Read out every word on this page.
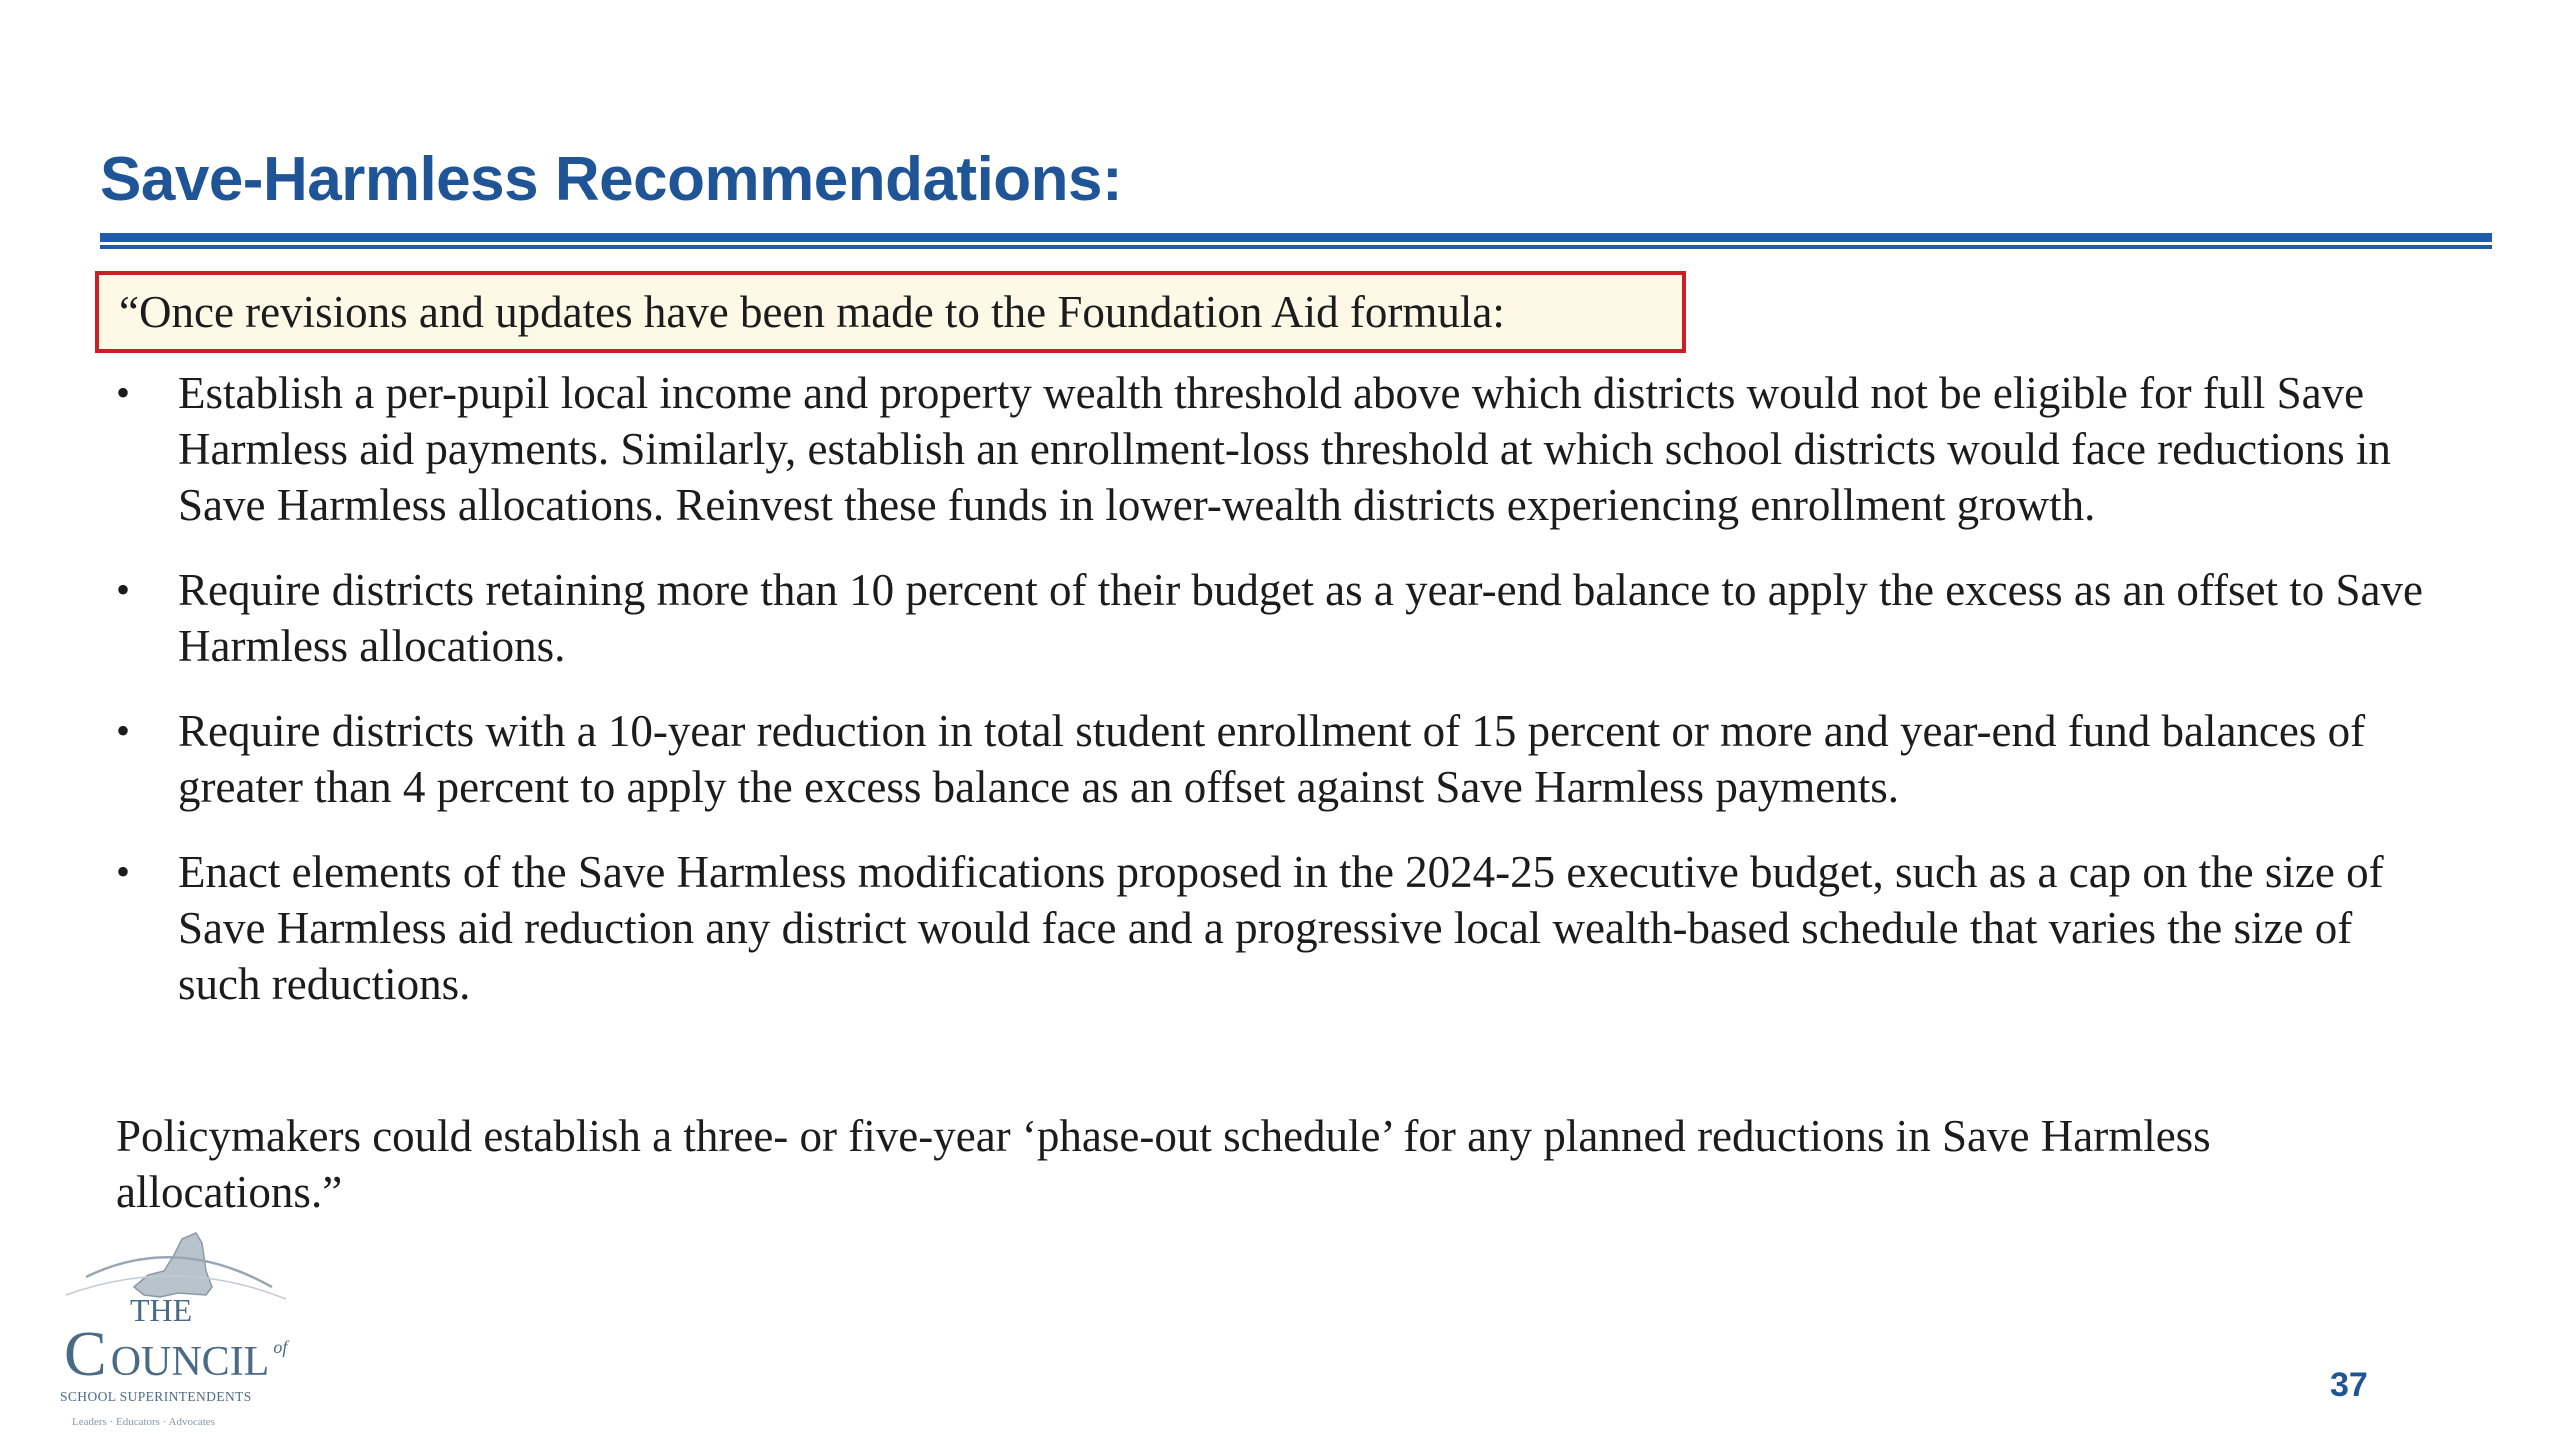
Save-Harmless Recommendations:
“Once revisions and updates have been made to the Foundation Aid formula:
• Establish a per-pupil local income and property wealth threshold above which districts would not be eligible for full Save Harmless aid payments. Similarly, establish an enrollment-loss threshold at which school districts would face reductions in Save Harmless allocations. Reinvest these funds in lower-wealth districts experiencing enrollment growth.
• Require districts retaining more than 10 percent of their budget as a year-end balance to apply the excess as an offset to Save Harmless allocations.
• Require districts with a 10-year reduction in total student enrollment of 15 percent or more and year-end fund balances of greater than 4 percent to apply the excess balance as an offset against Save Harmless payments.
• Enact elements of the Save Harmless modifications proposed in the 2024-25 executive budget, such as a cap on the size of Save Harmless aid reduction any district would face and a progressive local wealth-based schedule that varies the size of such reductions.

Policymakers could establish a three- or five-year ‘phase-out schedule’ for any planned reductions in Save Harmless allocations.”

THE
C OUNCIL of
SCHOOL SUPERINTENDENTS
Leaders · Educators · Advocates
37
